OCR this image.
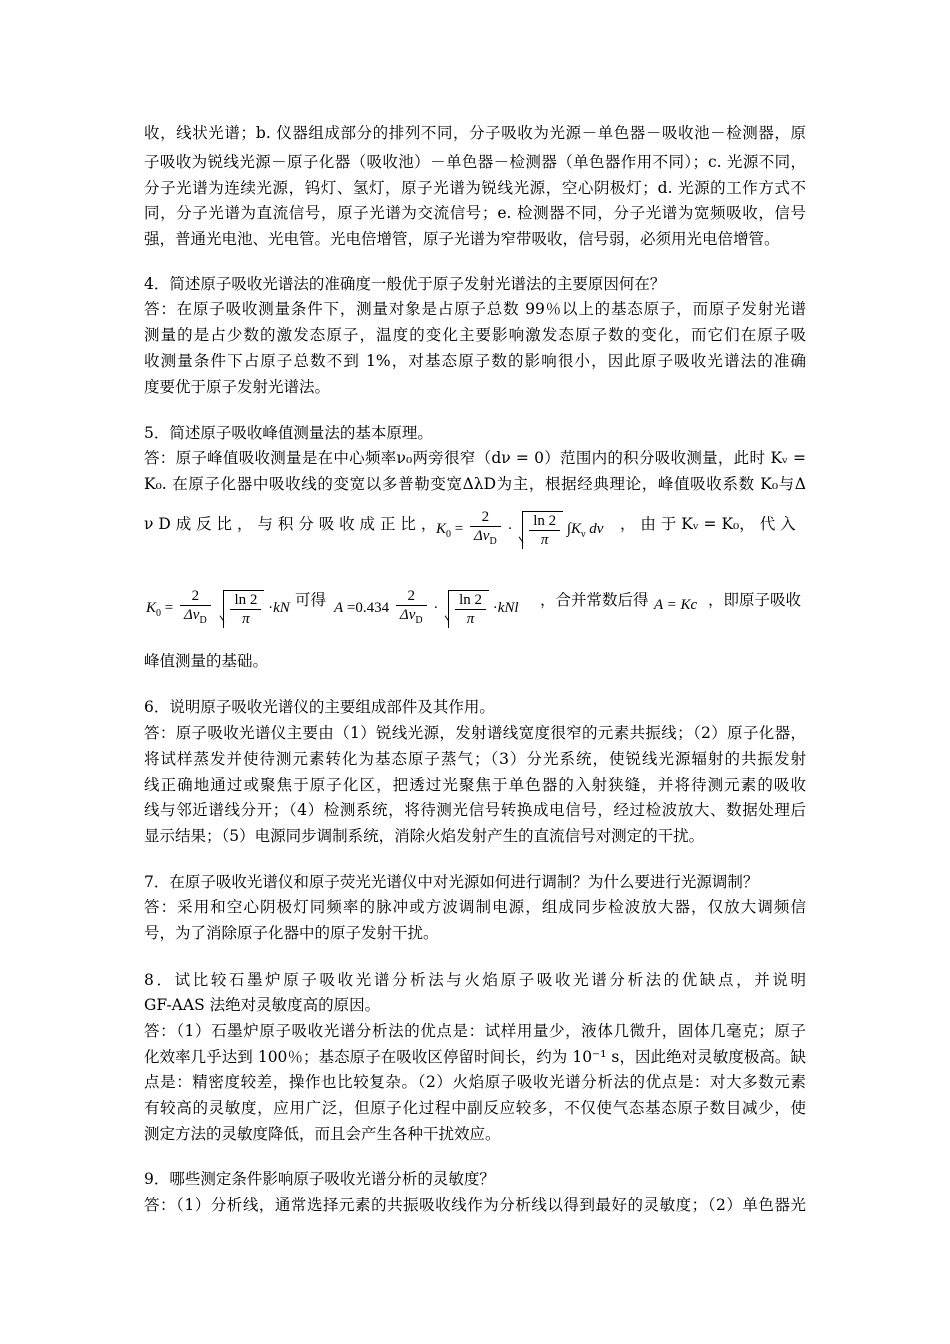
收，线状光谱；b. 仪器组成部分的排列不同，分子吸收为光源－单色器－吸收池－检测器，原
子吸收为锐线光源－原子化器（吸收池）－单色器－检测器（单色器作用不同）；c. 光源不同，
分子光谱为连续光源，钨灯、氢灯，原子光谱为锐线光源，空心阴极灯；d. 光源的工作方式不
同，分子光谱为直流信号，原子光谱为交流信号；e. 检测器不同，分子光谱为宽频吸收，信号
强，普通光电池、光电管。光电倍增管，原子光谱为窄带吸收，信号弱，必须用光电倍增管。
4．简述原子吸收光谱法的准确度一般优于原子发射光谱法的主要原因何在？
答：在原子吸收测量条件下，测量对象是占原子总数 99％以上的基态原子，而原子发射光谱
测量的是占少数的激发态原子，温度的变化主要影响激发态原子数的变化，而它们在原子吸
收测量条件下占原子总数不到 1%，对基态原子数的影响很小，因此原子吸收光谱法的准确
度要优于原子发射光谱法。
5．简述原子吸收峰值测量法的基本原理。
答：原子峰值吸收测量是在中心频率ν₀两旁很窄（dν = 0）范围内的积分吸收测量，此时 Kᵥ =
K₀. 在原子化器中吸收线的变宽以多普勒变宽ΔλD为主，根据经典理论，峰值吸收系数 K₀与Δ
ν D 成 反 比 ， 与 积 分 吸 收 成 正 比 ， $K_0 = \frac{2}{\Delta\nu_D} \cdot \frac{\ln 2}{\pi} \int K_\nu$ dν ， 由 于 Kᵥ = K₀， 代 入
$K_0 = \frac{2}{\Delta\nu_D}$
$\frac{\ln 2}{\pi} \cdot kN$ 可得 $A =0.434 \frac{2}{\Delta\nu_D} \cdot \frac{\ln 2}{\pi} \cdot kNl$ ，合并常数后得 A = Kc ，即原子吸收
峰值测量的基础。
6．说明原子吸收光谱仪的主要组成部件及其作用。
答：原子吸收光谱仪主要由（1）锐线光源，发射谱线宽度很窄的元素共振线；（2）原子化器，
将试样蒸发并使待测元素转化为基态原子蒸气；（3）分光系统，使锐线光源辐射的共振发射
线正确地通过或聚焦于原子化区，把透过光聚焦于单色器的入射狭缝，并将待测元素的吸收
线与邻近谱线分开；（4）检测系统，将待测光信号转换成电信号，经过检波放大、数据处理后
显示结果；（5）电源同步调制系统，消除火焰发射产生的直流信号对测定的干扰。
7．在原子吸收光谱仪和原子荧光光谱仪中对光源如何进行调制？为什么要进行光源调制？
答：采用和空心阴极灯同频率的脉冲或方波调制电源，组成同步检波放大器，仅放大调频信
号，为了消除原子化器中的原子发射干扰。
8．试比较石墨炉原子吸收光谱分析法与火焰原子吸收光谱分析法的优缺点，并说明
GF-AAS 法绝对灵敏度高的原因。
答：（1）石墨炉原子吸收光谱分析法的优点是：试样用量少，液体几微升，固体几毫克；原子
化效率几乎达到 100％；基态原子在吸收区停留时间长，约为 10⁻¹ s，因此绝对灵敏度极高。缺
点是：精密度较差，操作也比较复杂。（2）火焰原子吸收光谱分析法的优点是：对大多数元素
有较高的灵敏度，应用广泛，但原子化过程中副反应较多，不仅使气态基态原子数目减少，使
测定方法的灵敏度降低，而且会产生各种干扰效应。
9．哪些测定条件影响原子吸收光谱分析的灵敏度？
答：（1）分析线，通常选择元素的共振吸收线作为分析线以得到最好的灵敏度；（2）单色器光
